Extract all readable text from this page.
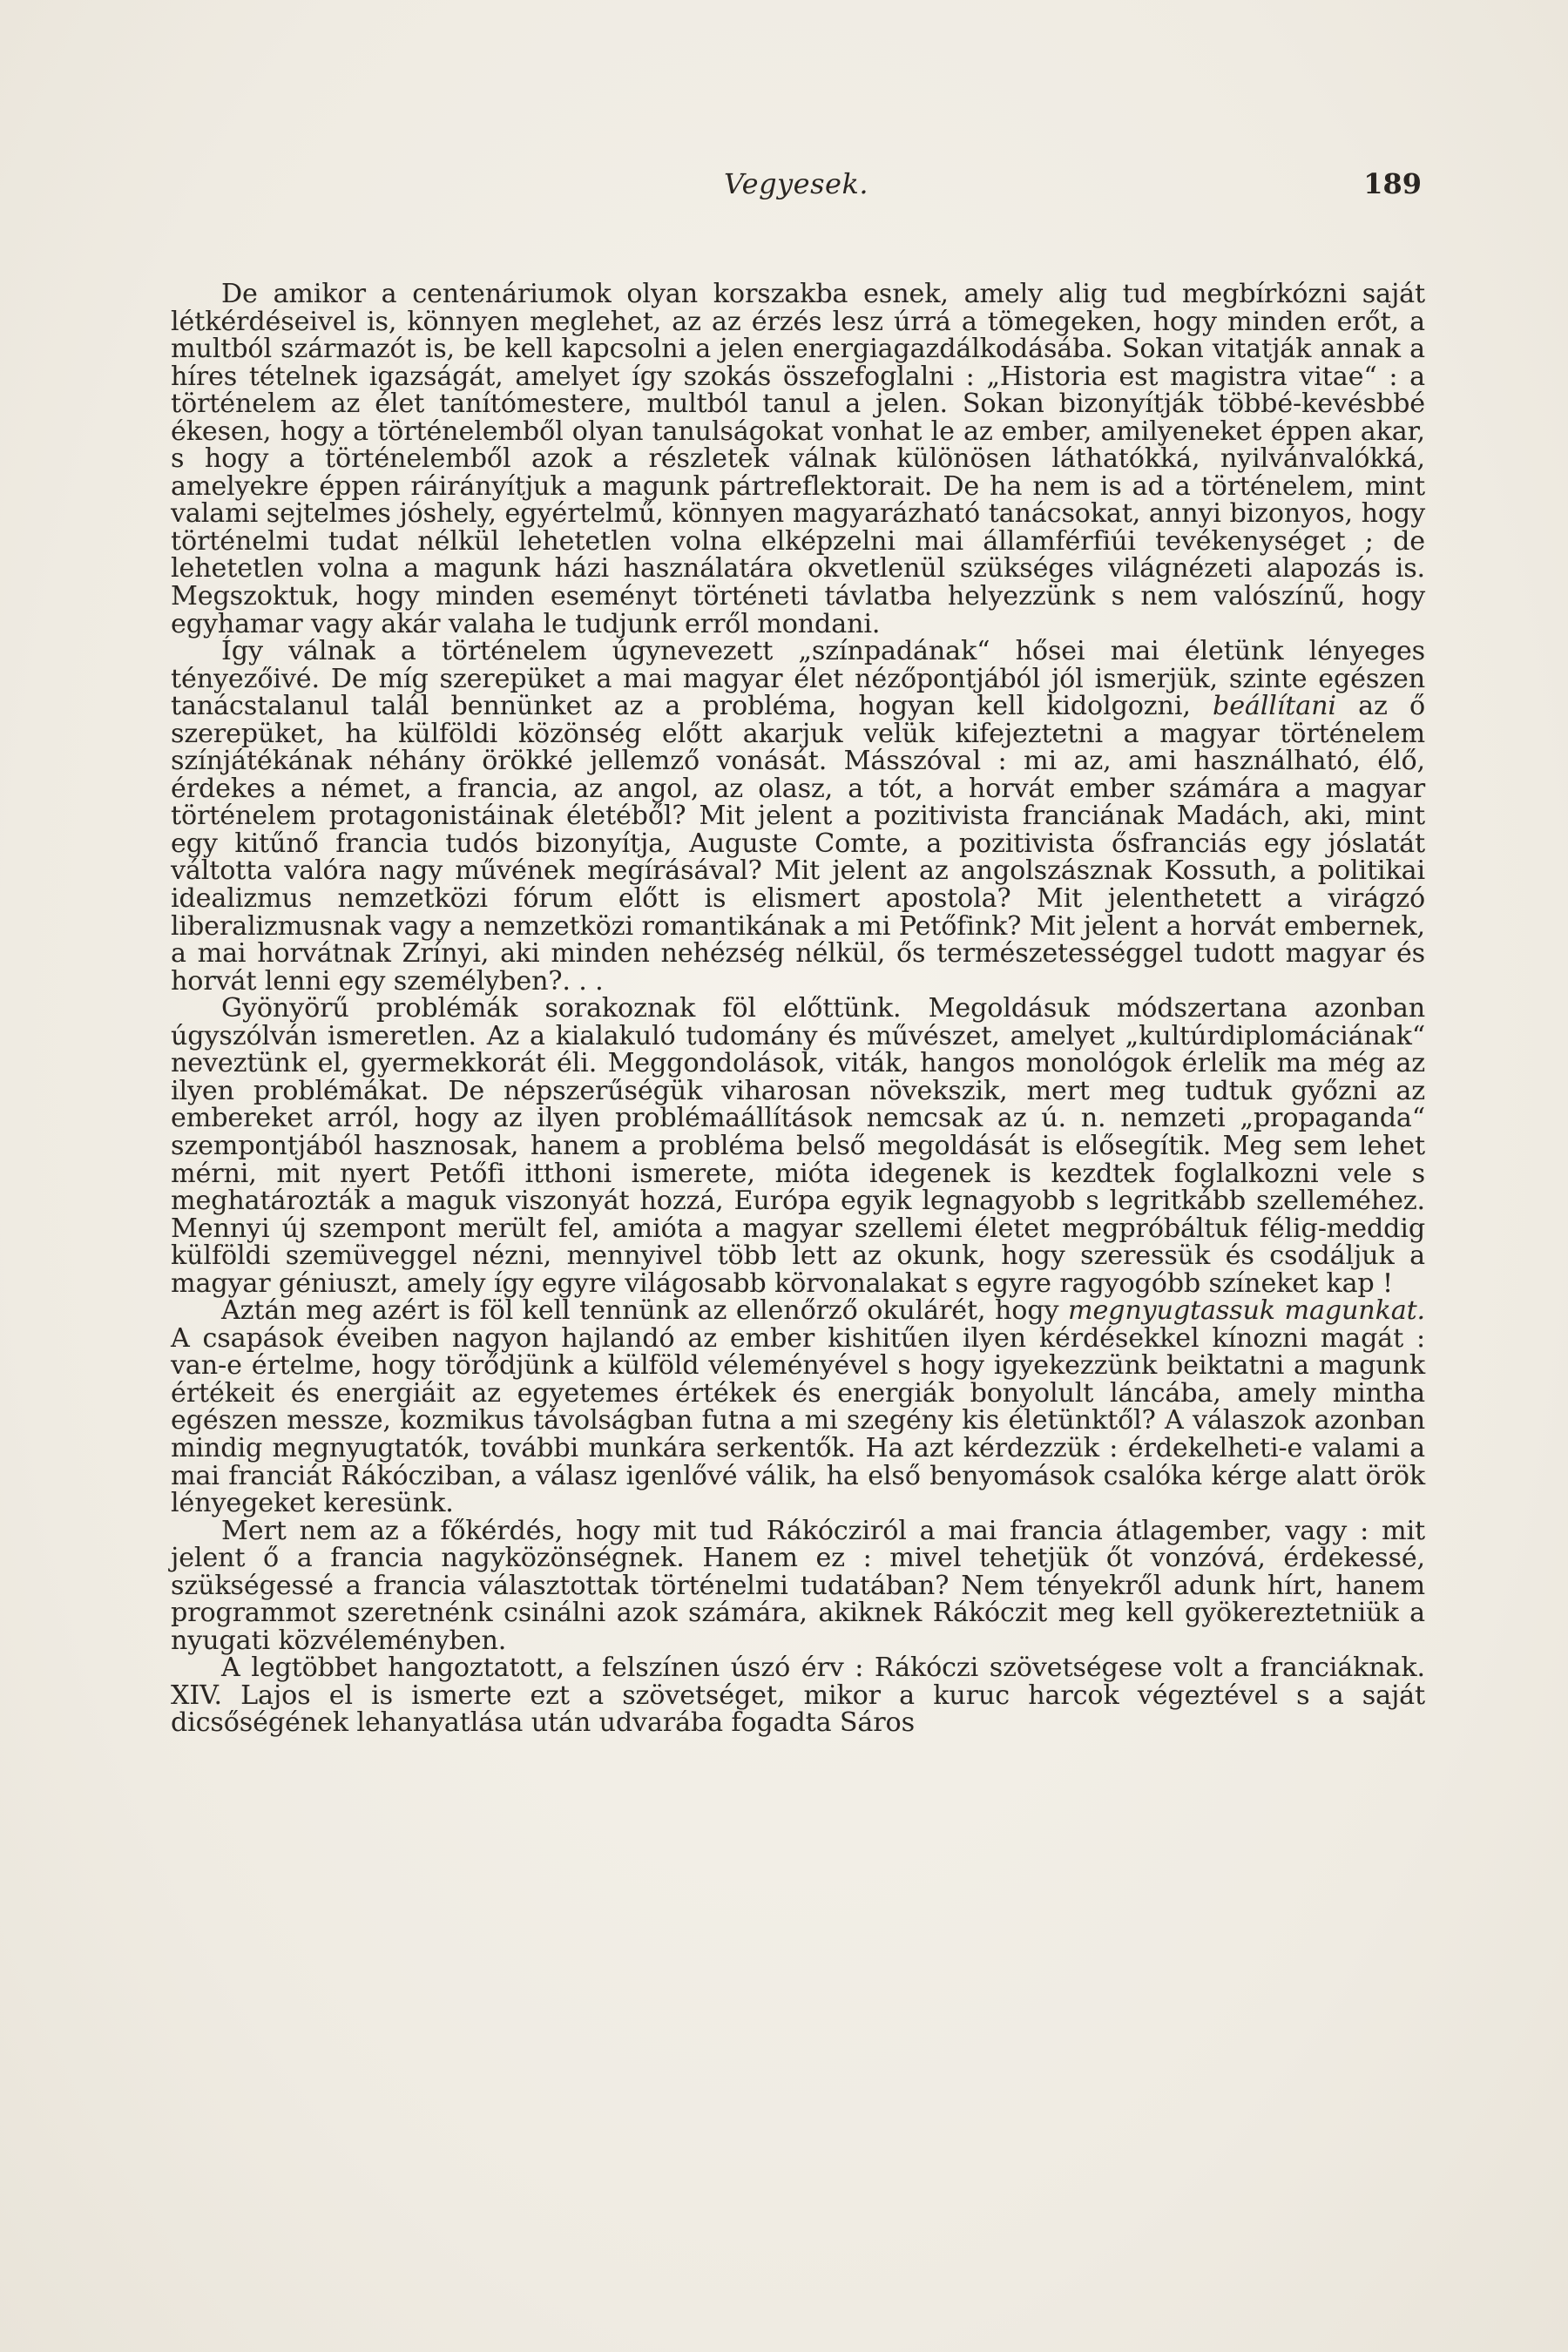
Vegyesek.	189

De amikor a centenáriumok olyan korszakba esnek, amely alig tud megbírkózni saját létkérdéseivel is, könnyen meglehet, az az érzés lesz úrrá a tömegeken, hogy minden erőt, a multból származót is, be kell kapcsolni a jelen energiagazdálkodásába. Sokan vitatják annak a híres tételnek igazságát, amelyet így szokás összefoglalni : „Historia est magistra vitae“ : a történelem az élet tanítómestere, multból tanul a jelen. Sokan bizonyítják többé-kevésbbé ékesen, hogy a történelemből olyan tanulságokat vonhat le az ember, amilyeneket éppen akar, s hogy a történelemből azok a részletek válnak különösen láthatókká, nyilvánvalókká, amelyekre éppen ráirányítjuk a magunk pártreflektorait. De ha nem is ad a történelem, mint valami sejtelmes jóshely, egyértelmű, könnyen magyarázható tanácsokat, annyi bizonyos, hogy történelmi tudat nélkül lehetetlen volna elképzelni mai államférfiúi tevékenységet ; de lehetetlen volna a magunk házi használatára okvetlenül szükséges világnézeti alapozás is. Megszoktuk, hogy minden eseményt történeti távlatba helyezzünk s nem valószínű, hogy egyhamar vagy akár valaha le tudjunk erről mondani.

Így válnak a történelem úgynevezett „színpadának“ hősei mai életünk lényeges tényezőivé. De míg szerepüket a mai magyar élet nézőpontjából jól ismerjük, szinte egészen tanácstalanul talál bennünket az a probléma, hogyan kell kidolgozni, beállítani az ő szerepüket, ha külföldi közönség előtt akarjuk velük kifejeztetni a magyar történelem színjátékának néhány örökké jellemző vonását. Másszóval : mi az, ami használható, élő, érdekes a német, a francia, az angol, az olasz, a tót, a horvát ember számára a magyar történelem protagonistáinak életéből? Mit jelent a pozitivista franciának Madách, aki, mint egy kitűnő francia tudós bizonyítja, Auguste Comte, a pozitivista ősfranciás egy jóslatát váltotta valóra nagy művének megírásával? Mit jelent az angolszásznak Kossuth, a politikai idealizmus nemzetközi fórum előtt is elismert apostola? Mit jelenthetett a virágzó liberalizmusnak vagy a nemzetközi romantikának a mi Petőfink? Mit jelent a horvát embernek, a mai horvátnak Zrínyi, aki minden nehézség nélkül, ős természetességgel tudott magyar és horvát lenni egy személyben?. . .

Gyönyörű problémák sorakoznak föl előttünk. Megoldásuk módszertana azonban úgyszólván ismeretlen. Az a kialakuló tudomány és művészet, amelyet „kultúrdiplomáciának“ neveztünk el, gyermekkorát éli. Meggondolások, viták, hangos monológok érlelik ma még az ilyen problémákat. De népszerűségük viharosan növekszik, mert meg tudtuk győzni az embereket arról, hogy az ilyen problémaállítások nemcsak az ú. n. nemzeti „propaganda“ szempontjából hasznosak, hanem a probléma belső megoldását is elősegítik. Meg sem lehet mérni, mit nyert Petőfi itthoni ismerete, mióta idegenek is kezdtek foglalkozni vele s meghatározták a maguk viszonyát hozzá, Európa egyik legnagyobb s legritkább szelleméhez. Mennyi új szempont merült fel, amióta a magyar szellemi életet megpróbáltuk félig-meddig külföldi szemüveggel nézni, mennyivel több lett az okunk, hogy szeressük és csodáljuk a magyar géniuszt, amely így egyre világosabb körvonalakat s egyre ragyogóbb színeket kap !

Aztán meg azért is föl kell tennünk az ellenőrző okulárét, hogy megnyugtassuk magunkat. A csapások éveiben nagyon hajlandó az ember kishitűen ilyen kérdésekkel kínozni magát : van-e értelme, hogy törődjünk a külföld véleményével s hogy igyekezzünk beiktatni a magunk értékeit és energiáit az egyetemes értékek és energiák bonyolult láncába, amely mintha egészen messze, kozmikus távolságban futna a mi szegény kis életünktől? A válaszok azonban mindig megnyugtatók, további munkára serkentők. Ha azt kérdezzük : érdekelheti-e valami a mai franciát Rákócziban, a válasz igenlővé válik, ha első benyomások csalóka kérge alatt örök lényegeket keresünk.

Mert nem az a főkérdés, hogy mit tud Rákócziról a mai francia átlagember, vagy : mit jelent ő a francia nagyközönségnek. Hanem ez : mivel tehetjük őt vonzóvá, érdekessé, szükségessé a francia választottak történelmi tudatában? Nem tényekről adunk hírt, hanem programmot szeretnénk csinálni azok számára, akiknek Rákóczit meg kell gyökereztetniük a nyugati közvéleményben.

A legtöbbet hangoztatott, a felszínen úszó érv : Rákóczi szövetségese volt a franciáknak. XIV. Lajos el is ismerte ezt a szövetséget, mikor a kuruc harcok végeztével s a saját dicsőségének lehanyatlása után udvarába fogadta Sáros
